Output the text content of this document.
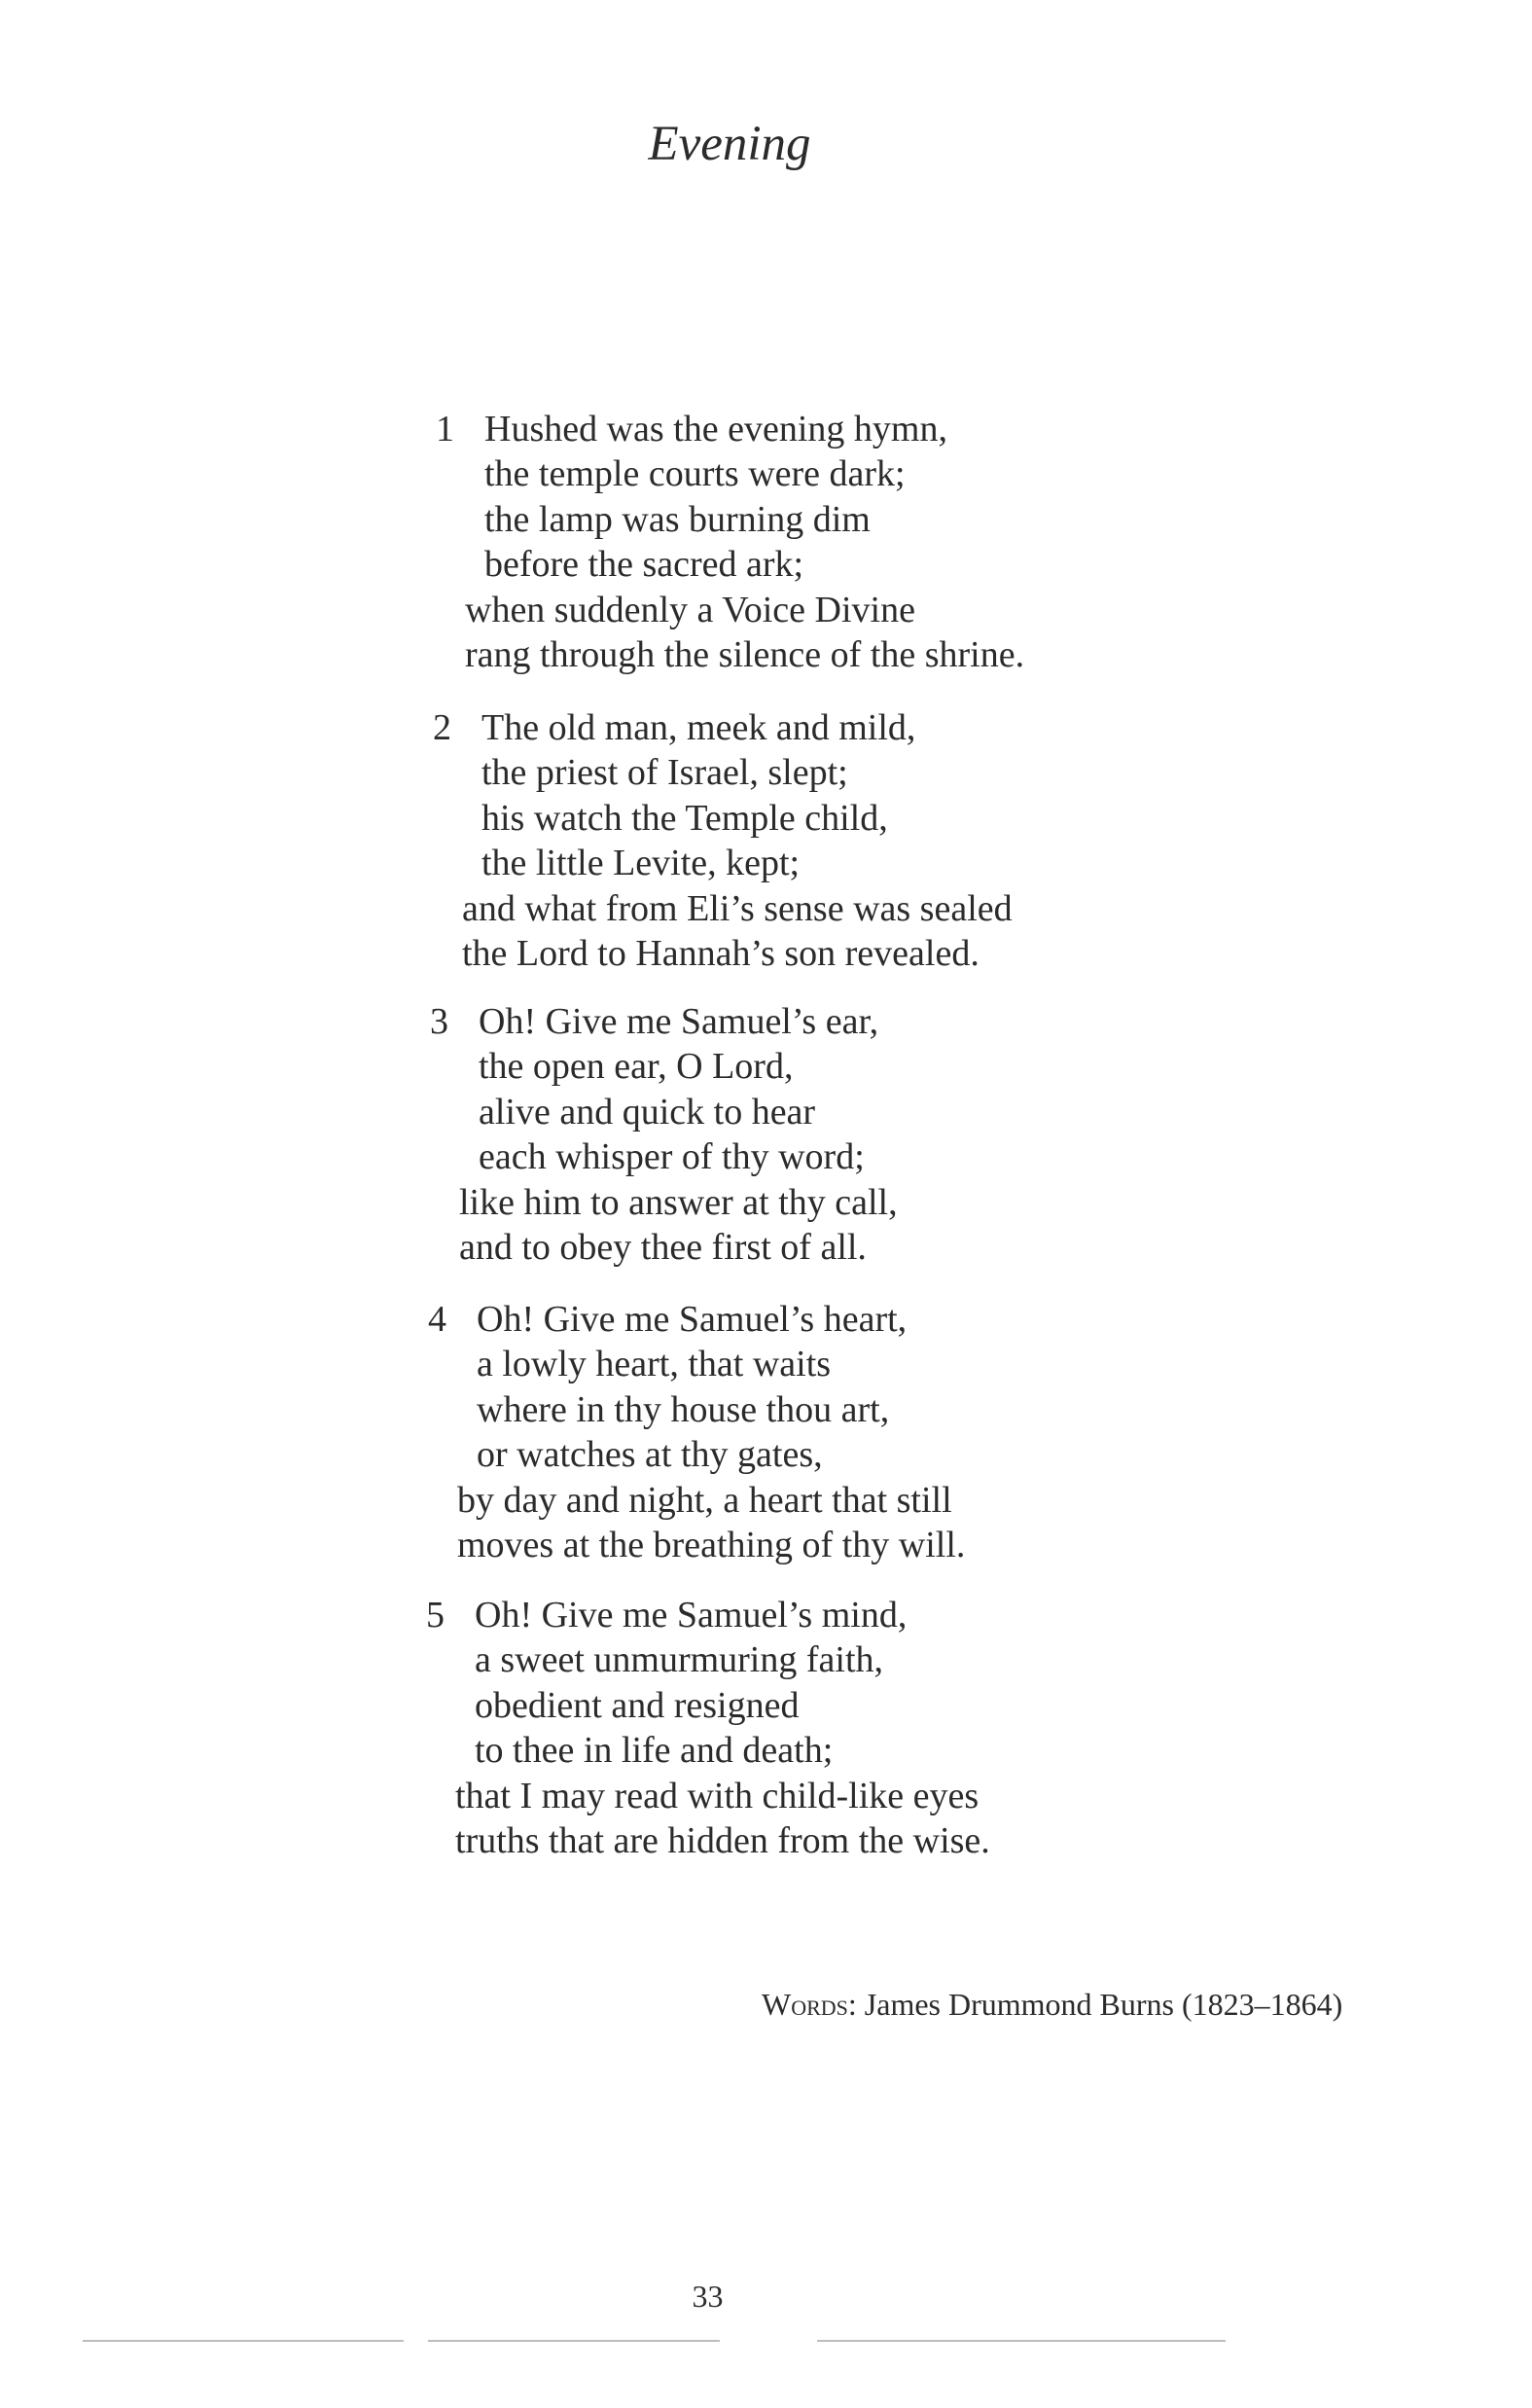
Evening
1 Hushed was the evening hymn,
the temple courts were dark;
the lamp was burning dim
before the sacred ark;
when suddenly a Voice Divine
rang through the silence of the shrine.
2 The old man, meek and mild,
the priest of Israel, slept;
his watch the Temple child,
the little Levite, kept;
and what from Eli’s sense was sealed
the Lord to Hannah’s son revealed.
3 Oh! Give me Samuel’s ear,
the open ear, O Lord,
alive and quick to hear
each whisper of thy word;
like him to answer at thy call,
and to obey thee first of all.
4 Oh! Give me Samuel’s heart,
a lowly heart, that waits
where in thy house thou art,
or watches at thy gates,
by day and night, a heart that still
moves at the breathing of thy will.
5 Oh! Give me Samuel’s mind,
a sweet unmurmuring faith,
obedient and resigned
to thee in life and death;
that I may read with child-like eyes
truths that are hidden from the wise.
Words: James Drummond Burns (1823–1864)
33
